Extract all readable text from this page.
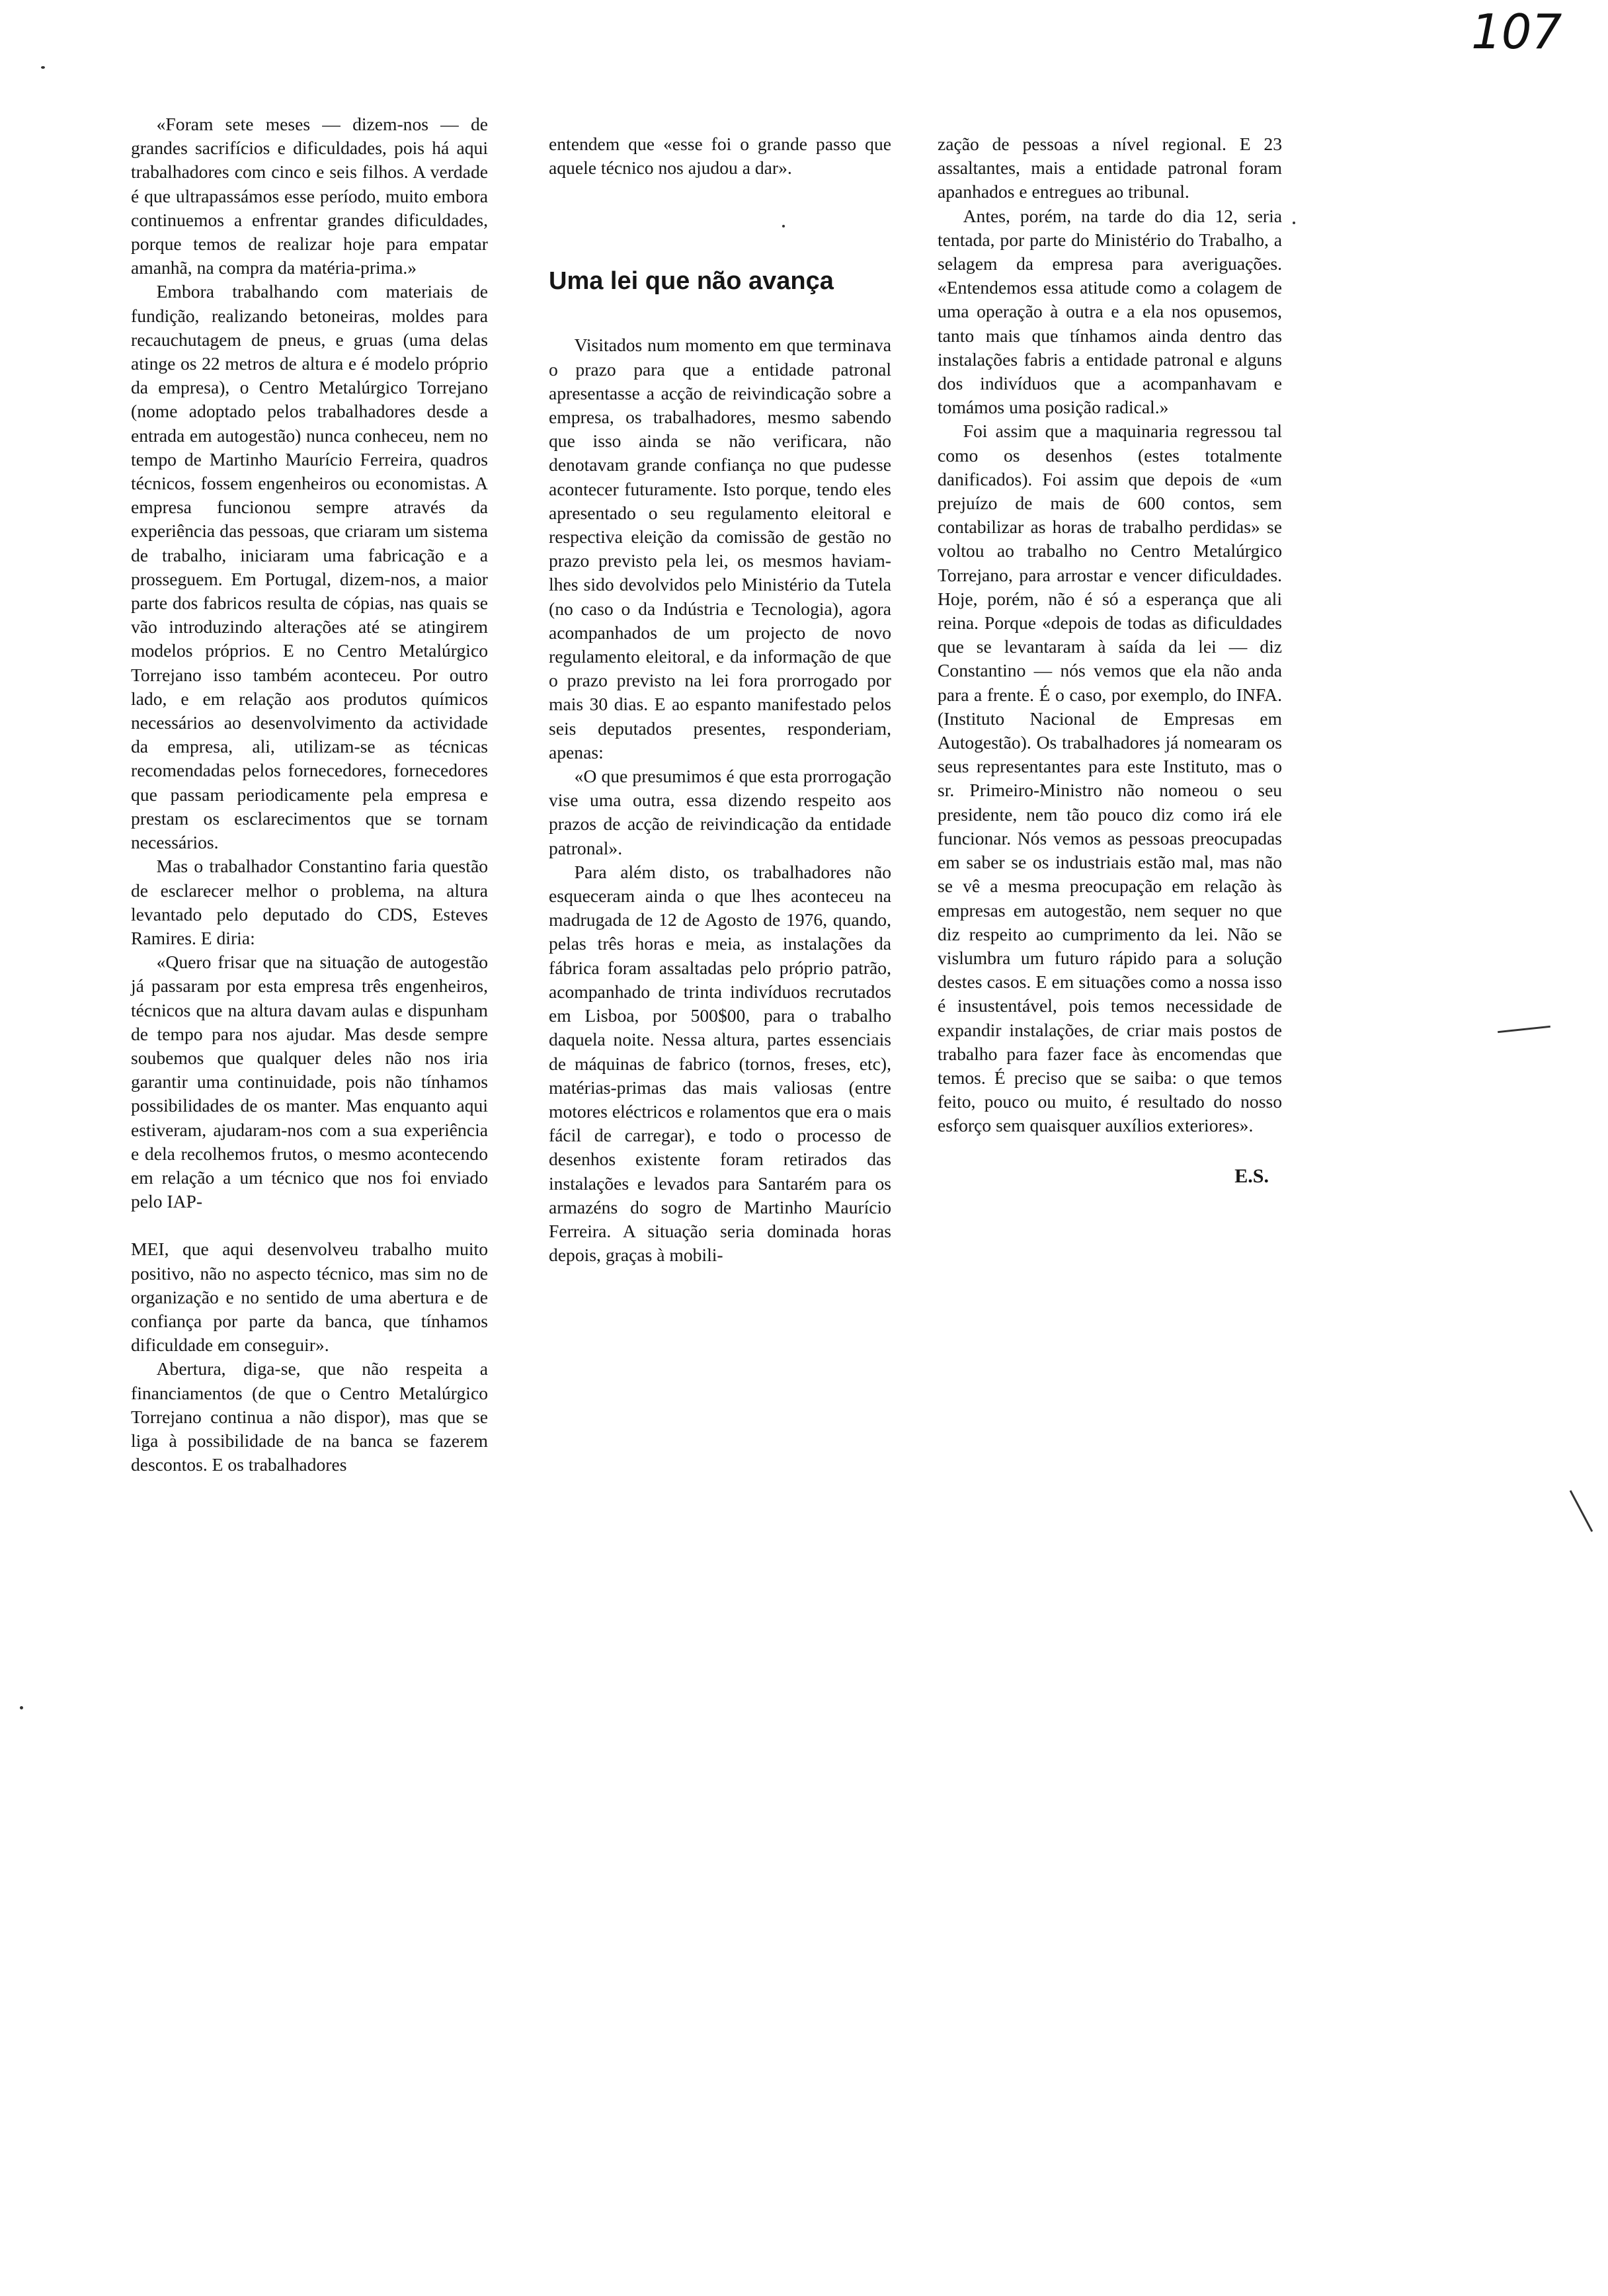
107

«Foram sete meses — dizem-nos — de grandes sacrifícios e dificuldades, pois há aqui trabalhadores com cinco e seis filhos. A verdade é que ultrapassámos esse período, muito embora continuemos a enfrentar grandes dificuldades, porque temos de realizar hoje para empatar amanhã, na compra da matéria-prima.»

Embora trabalhando com materiais de fundição, realizando betoneiras, moldes para recauchutagem de pneus, e gruas (uma delas atinge os 22 metros de altura e é modelo próprio da empresa), o Centro Metalúrgico Torrejano (nome adoptado pelos trabalhadores desde a entrada em autogestão) nunca conheceu, nem no tempo de Martinho Maurício Ferreira, quadros técnicos, fossem engenheiros ou economistas. A empresa funcionou sempre através da experiência das pessoas, que criaram um sistema de trabalho, iniciaram uma fabricação e a prosseguem. Em Portugal, dizem-nos, a maior parte dos fabricos resulta de cópias, nas quais se vão introduzindo alterações até se atingirem modelos próprios. E no Centro Metalúrgico Torrejano isso também aconteceu. Por outro lado, e em relação aos produtos químicos necessários ao desenvolvimento da actividade da empresa, ali, utilizam-se as técnicas recomendadas pelos fornecedores, fornecedores que passam periodicamente pela empresa e prestam os esclarecimentos que se tornam necessários.

Mas o trabalhador Constantino faria questão de esclarecer melhor o problema, na altura levantado pelo deputado do CDS, Esteves Ramires. E diria:

«Quero frisar que na situação de autogestão já passaram por esta empresa três engenheiros, técnicos que na altura davam aulas e dispunham de tempo para nos ajudar. Mas desde sempre soubemos que qualquer deles não nos iria garantir uma continuidade, pois não tínhamos possibilidades de os manter. Mas enquanto aqui estiveram, ajudaram-nos com a sua experiência e dela recolhemos frutos, o mesmo acontecendo em relação a um técnico que nos foi enviado pelo IAP-

MEI, que aqui desenvolveu trabalho muito positivo, não no aspecto técnico, mas sim no de organização e no sentido de uma abertura e de confiança por parte da banca, que tínhamos dificuldade em conseguir».

Abertura, diga-se, que não respeita a financiamentos (de que o Centro Metalúrgico Torrejano continua a não dispor), mas que se liga à possibilidade de na banca se fazerem descontos. E os trabalhadores

entendem que «esse foi o grande passo que aquele técnico nos ajudou a dar».

Uma lei que não avança

Visitados num momento em que terminava o prazo para que a entidade patronal apresentasse a acção de reivindicação sobre a empresa, os trabalhadores, mesmo sabendo que isso ainda se não verificara, não denotavam grande confiança no que pudesse acontecer futuramente. Isto porque, tendo eles apresentado o seu regulamento eleitoral e respectiva eleição da comissão de gestão no prazo previsto pela lei, os mesmos haviam-lhes sido devolvidos pelo Ministério da Tutela (no caso o da Indústria e Tecnologia), agora acompanhados de um projecto de novo regulamento eleitoral, e da informação de que o prazo previsto na lei fora prorrogado por mais 30 dias. E ao espanto manifestado pelos seis deputados presentes, responderiam, apenas:

«O que presumimos é que esta prorrogação vise uma outra, essa dizendo respeito aos prazos de acção de reivindicação da entidade patronal».

Para além disto, os trabalhadores não esqueceram ainda o que lhes aconteceu na madrugada de 12 de Agosto de 1976, quando, pelas três horas e meia, as instalações da fábrica foram assaltadas pelo próprio patrão, acompanhado de trinta indivíduos recrutados em Lisboa, por 500$00, para o trabalho daquela noite. Nessa altura, partes essenciais de máquinas de fabrico (tornos, freses, etc), matérias-primas das mais valiosas (entre motores eléctricos e rolamentos que era o mais fácil de carregar), e todo o processo de desenhos existente foram retirados das instalações e levados para Santarém para os armazéns do sogro de Martinho Maurício Ferreira. A situação seria dominada horas depois, graças à mobili-

zação de pessoas a nível regional. E 23 assaltantes, mais a entidade patronal foram apanhados e entregues ao tribunal.

Antes, porém, na tarde do dia 12, seria tentada, por parte do Ministério do Trabalho, a selagem da empresa para averiguações. «Entendemos essa atitude como a colagem de uma operação à outra e a ela nos opusemos, tanto mais que tínhamos ainda dentro das instalações fabris a entidade patronal e alguns dos indivíduos que a acompanhavam e tomámos uma posição radical.»

Foi assim que a maquinaria regressou tal como os desenhos (estes totalmente danificados). Foi assim que depois de «um prejuízo de mais de 600 contos, sem contabilizar as horas de trabalho perdidas» se voltou ao trabalho no Centro Metalúrgico Torrejano, para arrostar e vencer dificuldades. Hoje, porém, não é só a esperança que ali reina. Porque «depois de todas as dificuldades que se levantaram à saída da lei — diz Constantino — nós vemos que ela não anda para a frente. É o caso, por exemplo, do INFA. (Instituto Nacional de Empresas em Autogestão). Os trabalhadores já nomearam os seus representantes para este Instituto, mas o sr. Primeiro-Ministro não nomeou o seu presidente, nem tão pouco diz como irá ele funcionar. Nós vemos as pessoas preocupadas em saber se os industriais estão mal, mas não se vê a mesma preocupação em relação às empresas em autogestão, nem sequer no que diz respeito ao cumprimento da lei. Não se vislumbra um futuro rápido para a solução destes casos. E em situações como a nossa isso é insustentável, pois temos necessidade de expandir instalações, de criar mais postos de trabalho para fazer face às encomendas que temos. É preciso que se saiba: o que temos feito, pouco ou muito, é resultado do nosso esforço sem quaisquer auxílios exteriores».

E.S.
